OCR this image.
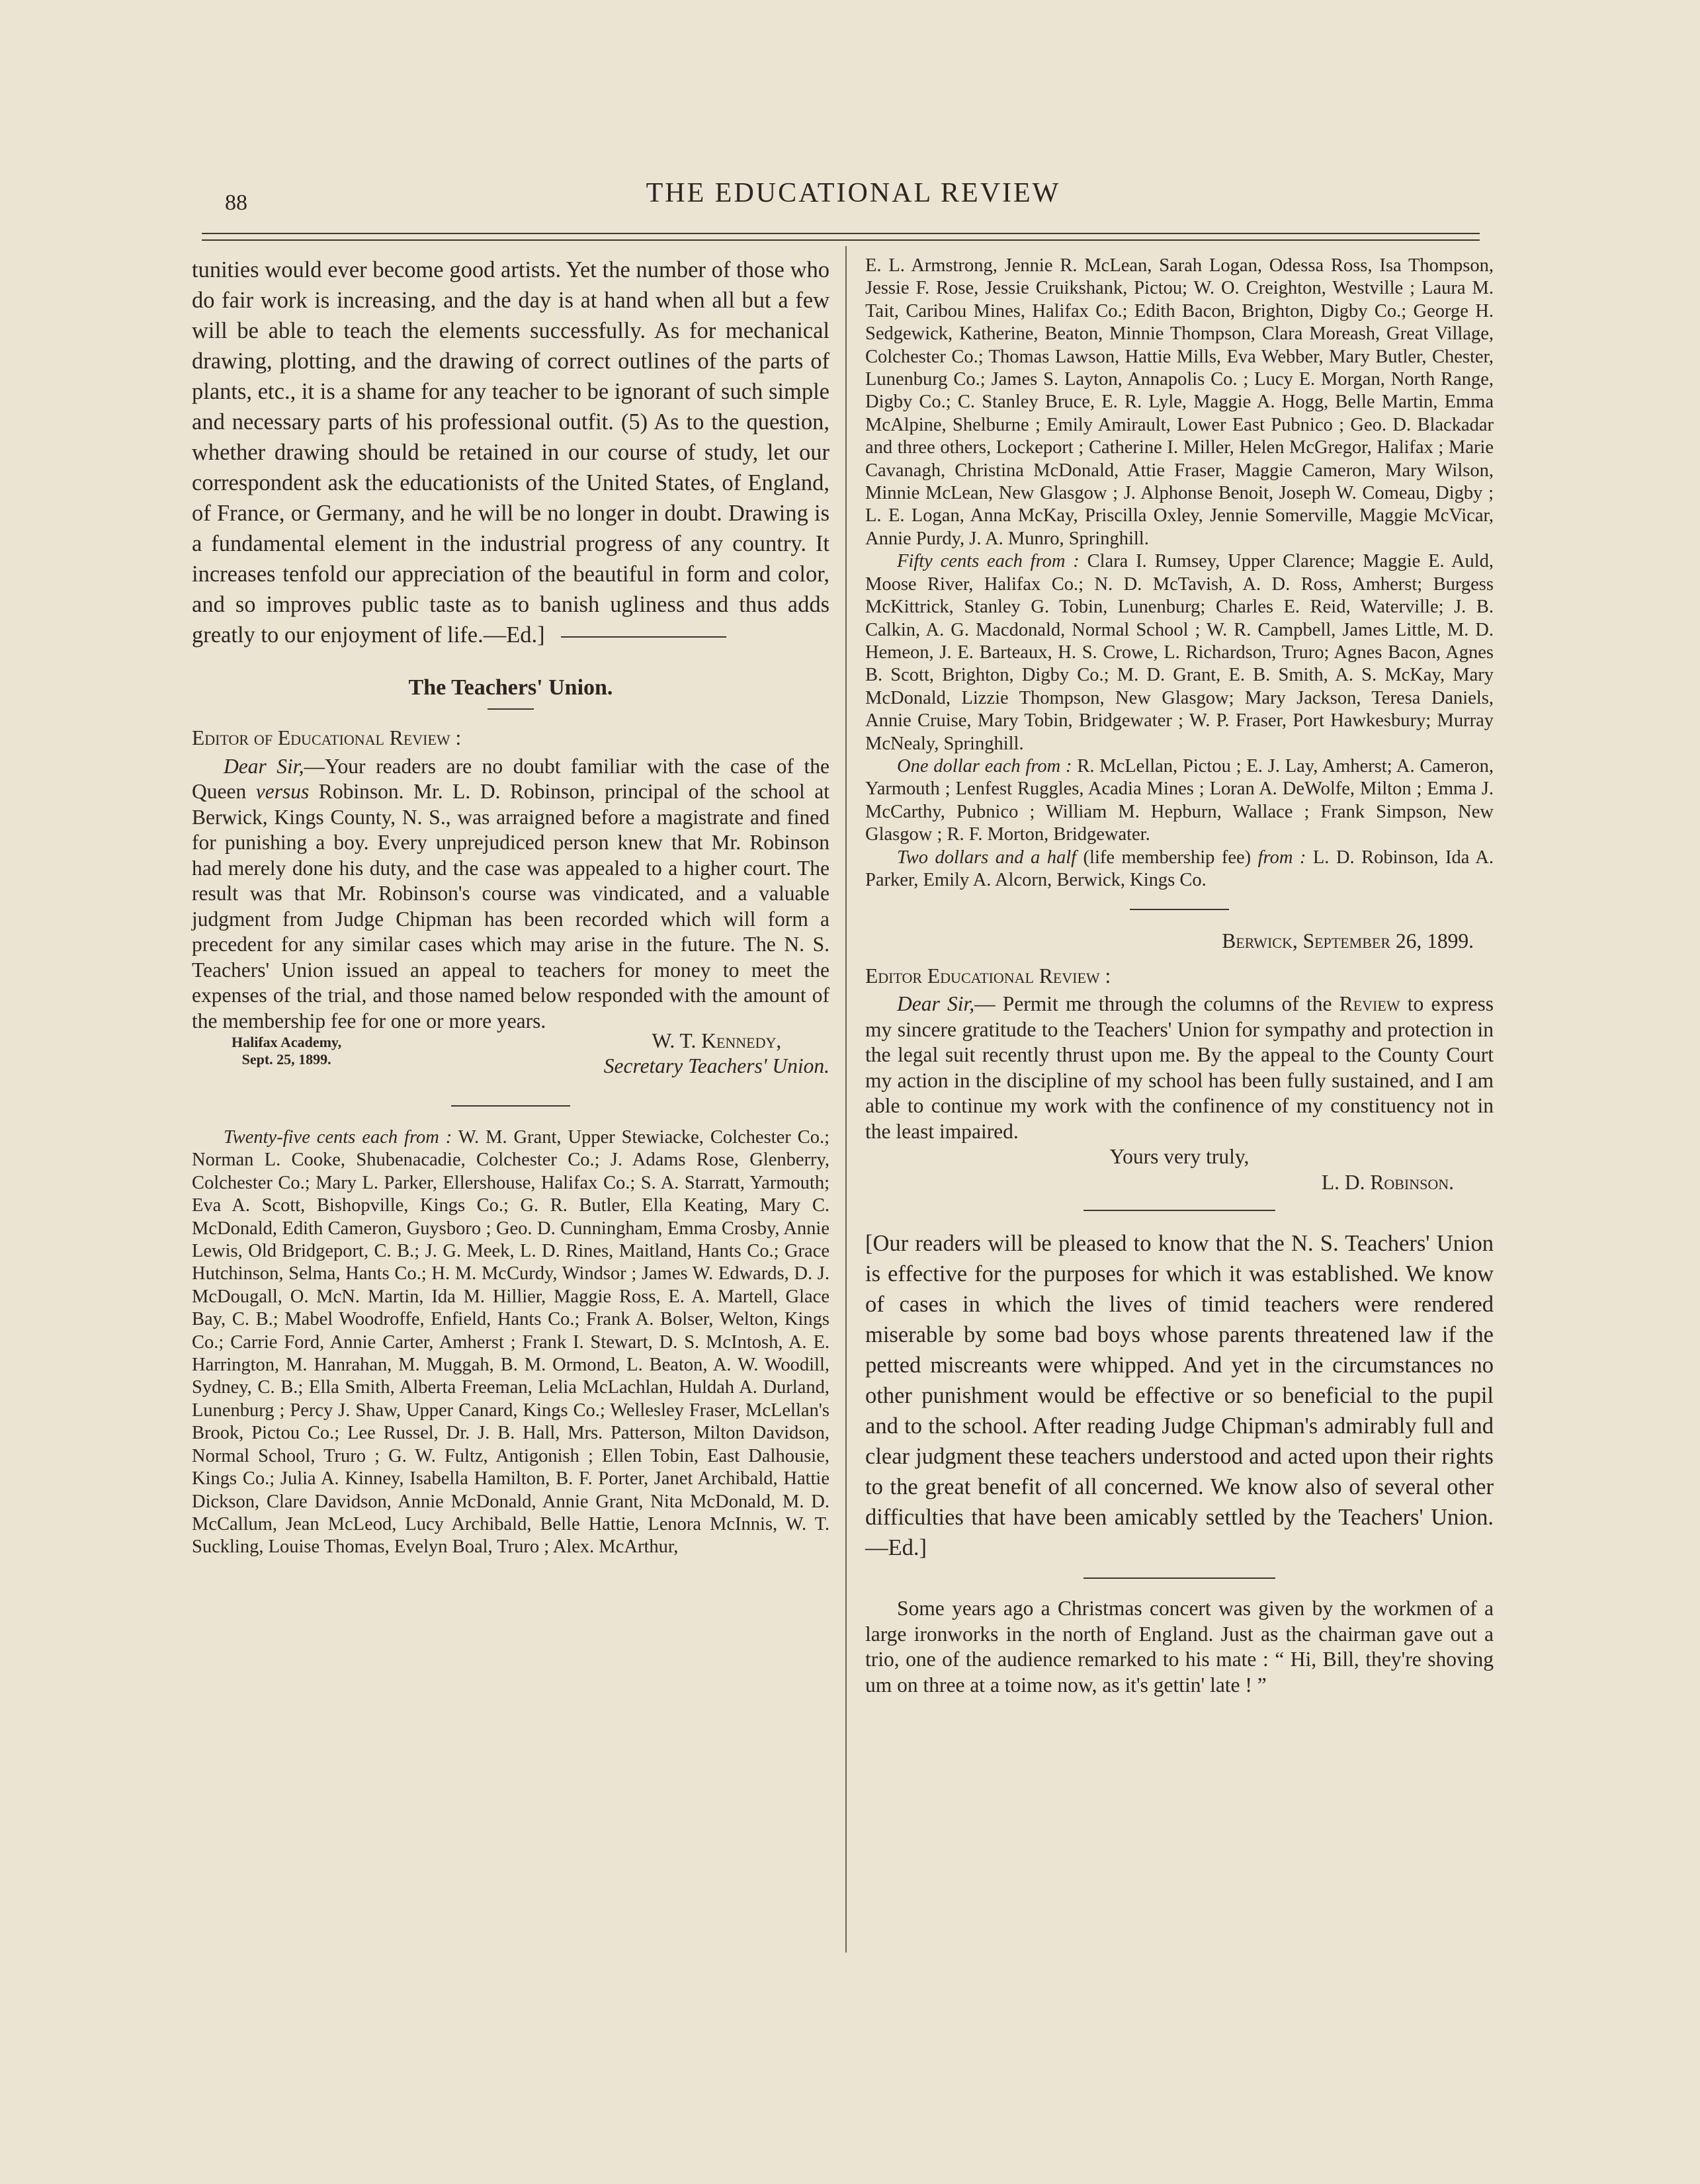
88	THE EDUCATIONAL REVIEW

tunities would ever become good artists. Yet the number of those who do fair work is increasing, and the day is at hand when all but a few will be able to teach the elements successfully. As for mechanical drawing, plotting, and the drawing of correct outlines of the parts of plants, etc., it is a shame for any teacher to be ignorant of such simple and necessary parts of his professional outfit. (5) As to the question, whether drawing should be retained in our course of study, let our correspondent ask the educationists of the United States, of England, of France, or Germany, and he will be no longer in doubt. Drawing is a fundamental element in the industrial progress of any country. It increases tenfold our appreciation of the beautiful in form and color, and so improves public taste as to banish ugliness and thus adds greatly to our enjoyment of life.—Ed.]

The Teachers' Union.

Editor of Educational Review :

Dear Sir,—Your readers are no doubt familiar with the case of the Queen versus Robinson. Mr. L. D. Robinson, principal of the school at Berwick, Kings County, N. S., was arraigned before a magistrate and fined for punishing a boy. Every unprejudiced person knew that Mr. Robinson had merely done his duty, and the case was appealed to a higher court. The result was that Mr. Robinson's course was vindicated, and a valuable judgment from Judge Chipman has been recorded which will form a precedent for any similar cases which may arise in the future. The N. S. Teachers' Union issued an appeal to teachers for money to meet the expenses of the trial, and those named below responded with the amount of the membership fee for one or more years.

Halifax Academy,
Sept. 25, 1899.
W. T. Kennedy,
Secretary Teachers' Union.

Twenty-five cents each from : W. M. Grant, Upper Stewiacke, Colchester Co.; Norman L. Cooke, Shubenacadie, Colchester Co.; J. Adams Rose, Glenberry, Colchester Co.; Mary L. Parker, Ellershouse, Halifax Co.; S. A. Starratt, Yarmouth; Eva A. Scott, Bishopville, Kings Co.; G. R. Butler, Ella Keating, Mary C. McDonald, Edith Cameron, Guysboro ; Geo. D. Cunningham, Emma Crosby, Annie Lewis, Old Bridgeport, C. B.; J. G. Meek, L. D. Rines, Maitland, Hants Co.; Grace Hutchinson, Selma, Hants Co.; H. M. McCurdy, Windsor ; James W. Edwards, D. J. McDougall, O. McN. Martin, Ida M. Hillier, Maggie Ross, E. A. Martell, Glace Bay, C. B.; Mabel Woodroffe, Enfield, Hants Co.; Frank A. Bolser, Welton, Kings Co.; Carrie Ford, Annie Carter, Amherst ; Frank I. Stewart, D. S. McIntosh, A. E. Harrington, M. Hanrahan, M. Muggah, B. M. Ormond, L. Beaton, A. W. Woodill, Sydney, C. B.; Ella Smith, Alberta Freeman, Lelia McLachlan, Huldah A. Durland, Lunenburg ; Percy J. Shaw, Upper Canard, Kings Co.; Wellesley Fraser, McLellan's Brook, Pictou Co.; Lee Russel, Dr. J. B. Hall, Mrs. Patterson, Milton Davidson, Normal School, Truro ; G. W. Fultz, Antigonish ; Ellen Tobin, East Dalhousie, Kings Co.; Julia A. Kinney, Isabella Hamilton, B. F. Porter, Janet Archibald, Hattie Dickson, Clare Davidson, Annie McDonald, Annie Grant, Nita McDonald, M. D. McCallum, Jean McLeod, Lucy Archibald, Belle Hattie, Lenora McInnis, W. T. Suckling, Louise Thomas, Evelyn Boal, Truro ; Alex. McArthur,

E. L. Armstrong, Jennie R. McLean, Sarah Logan, Odessa Ross, Isa Thompson, Jessie F. Rose, Jessie Cruikshank, Pictou; W. O. Creighton, Westville ; Laura M. Tait, Caribou Mines, Halifax Co.; Edith Bacon, Brighton, Digby Co.; George H. Sedgewick, Katherine, Beaton, Minnie Thompson, Clara Moreash, Great Village, Colchester Co.; Thomas Lawson, Hattie Mills, Eva Webber, Mary Butler, Chester, Lunenburg Co.; James S. Layton, Annapolis Co. ; Lucy E. Morgan, North Range, Digby Co.; C. Stanley Bruce, E. R. Lyle, Maggie A. Hogg, Belle Martin, Emma McAlpine, Shelburne ; Emily Amirault, Lower East Pubnico ; Geo. D. Blackadar and three others, Lockeport ; Catherine I. Miller, Helen McGregor, Halifax ; Marie Cavanagh, Christina McDonald, Attie Fraser, Maggie Cameron, Mary Wilson, Minnie McLean, New Glasgow ; J. Alphonse Benoit, Joseph W. Comeau, Digby ; L. E. Logan, Anna McKay, Priscilla Oxley, Jennie Somerville, Maggie McVicar, Annie Purdy, J. A. Munro, Springhill.

Fifty cents each from : Clara I. Rumsey, Upper Clarence; Maggie E. Auld, Moose River, Halifax Co.; N. D. McTavish, A. D. Ross, Amherst; Burgess McKittrick, Stanley G. Tobin, Lunenburg; Charles E. Reid, Waterville; J. B. Calkin, A. G. Macdonald, Normal School ; W. R. Campbell, James Little, M. D. Hemeon, J. E. Barteaux, H. S. Crowe, L. Richardson, Truro; Agnes Bacon, Agnes B. Scott, Brighton, Digby Co.; M. D. Grant, E. B. Smith, A. S. McKay, Mary McDonald, Lizzie Thompson, New Glasgow; Mary Jackson, Teresa Daniels, Annie Cruise, Mary Tobin, Bridgewater ; W. P. Fraser, Port Hawkesbury; Murray McNealy, Springhill.

One dollar each from : R. McLellan, Pictou ; E. J. Lay, Amherst; A. Cameron, Yarmouth ; Lenfest Ruggles, Acadia Mines ; Loran A. DeWolfe, Milton ; Emma J. McCarthy, Pubnico ; William M. Hepburn, Wallace ; Frank Simpson, New Glasgow ; R. F. Morton, Bridgewater.

Two dollars and a half (life membership fee) from : L. D. Robinson, Ida A. Parker, Emily A. Alcorn, Berwick, Kings Co.

Berwick, September 26, 1899.

Editor Educational Review :

Dear Sir,— Permit me through the columns of the Review to express my sincere gratitude to the Teachers' Union for sympathy and protection in the legal suit recently thrust upon me. By the appeal to the County Court my action in the discipline of my school has been fully sustained, and I am able to continue my work with the confinence of my constituency not in the least impaired.

Yours very truly,

L. D. Robinson.

[Our readers will be pleased to know that the N. S. Teachers' Union is effective for the purposes for which it was established. We know of cases in which the lives of timid teachers were rendered miserable by some bad boys whose parents threatened law if the petted miscreants were whipped. And yet in the circumstances no other punishment would be effective or so beneficial to the pupil and to the school. After reading Judge Chipman's admirably full and clear judgment these teachers understood and acted upon their rights to the great benefit of all concerned. We know also of several other difficulties that have been amicably settled by the Teachers' Union.—Ed.]

Some years ago a Christmas concert was given by the workmen of a large ironworks in the north of England. Just as the chairman gave out a trio, one of the audience remarked to his mate : “ Hi, Bill, they're shoving um on three at a toime now, as it's gettin' late ! ”
